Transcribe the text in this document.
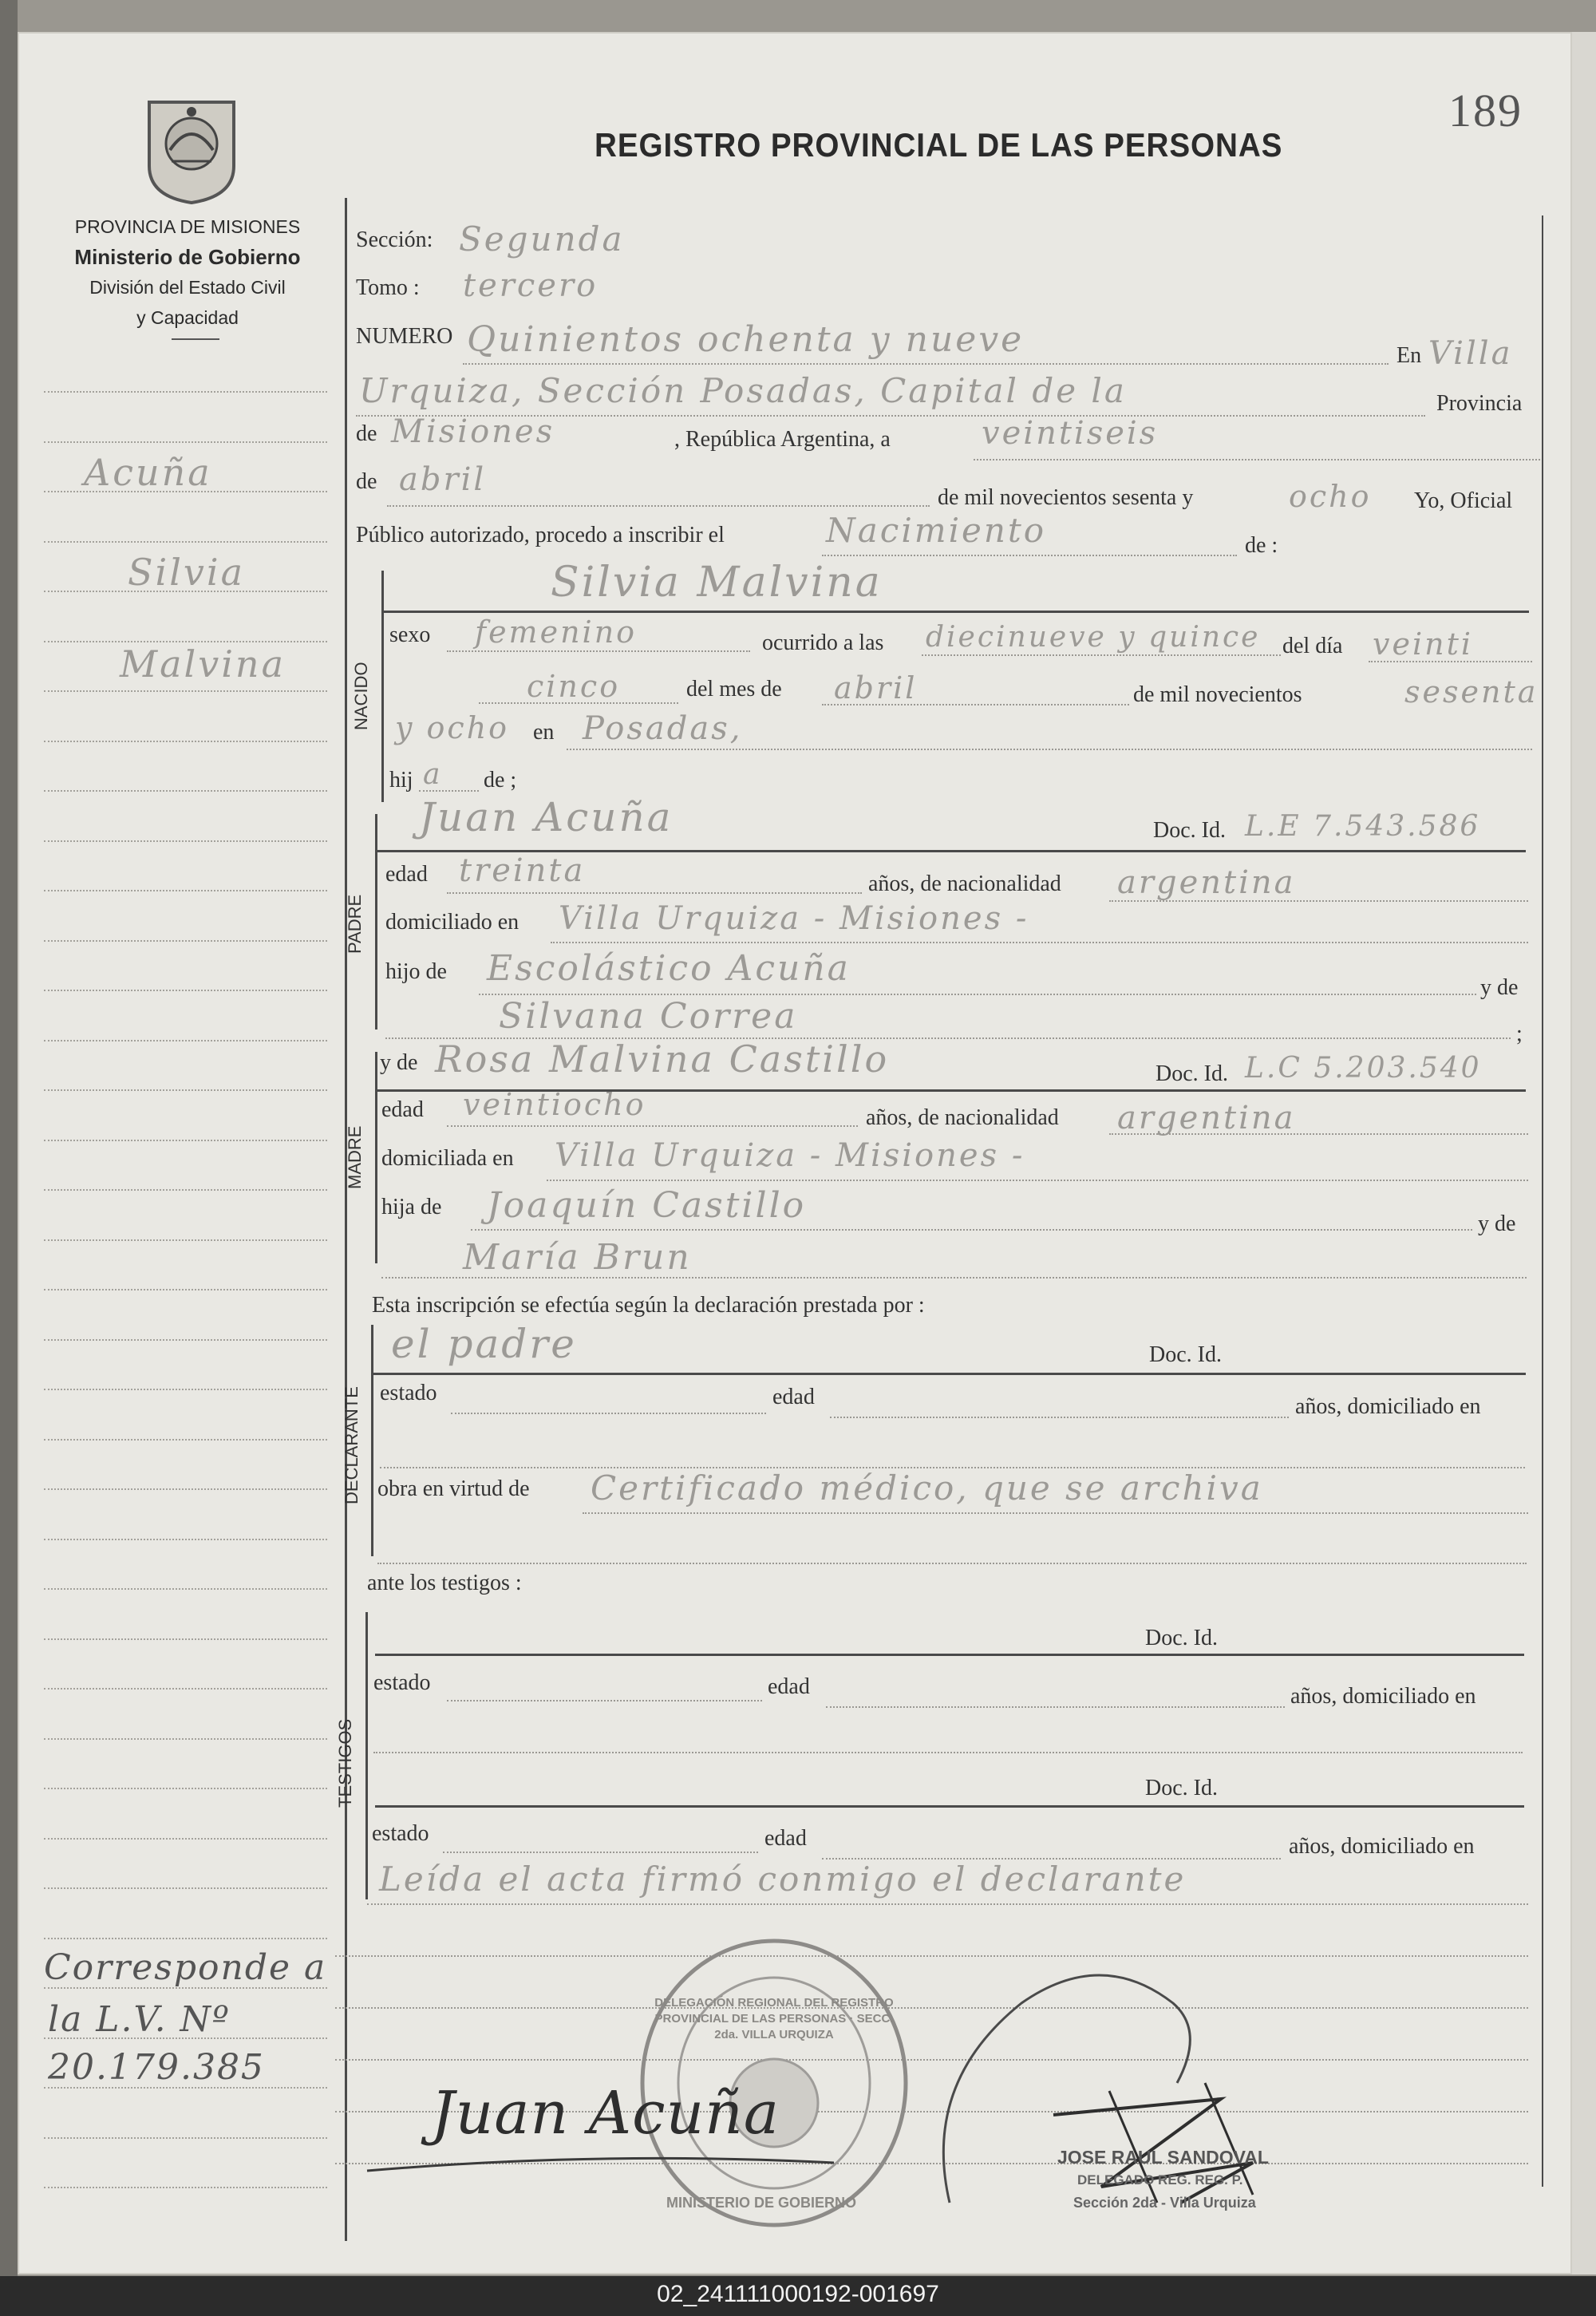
189
REGISTRO PROVINCIAL DE LAS PERSONAS
PROVINCIA DE MISIONES
Ministerio de Gobierno
División del Estado Civil
y Capacidad
Acuña
Silvia
Malvina
Corresponde a
la L.V. Nº
20.179.385
Sección: Segunda
Tomo : tercero
NUMERO Quinientos ochenta y nueve	En Villa
Urquiza, Sección Posadas, Capital de la	Provincia
de Misiones	, República Argentina, a	veintiseis
de abril	de mil novecientos sesenta y	ocho Yo, Oficial
Público autorizado, procedo a inscribir el	Nacimiento	de :
Silvia Malvina
NACIDO
sexo femenino	ocurrido a las diecinueve y quince del día veinti
cinco	del mes de abril	de mil novecientos	sesenta
y ocho en Posadas,
hij a de ;
PADRE
Juan Acuña	Doc. Id. L.E 7.543.586
edad treinta	años, de nacionalidad argentina
domiciliado en Villa Urquiza - Misiones -
hijo de Escolástico Acuña	y de
Silvana Correa	;
MADRE
y de Rosa Malvina Castillo	Doc. Id. L.C 5.203.540
edad veintiocho	años, de nacionalidad argentina
domiciliada en Villa Urquiza - Misiones -
hija de Joaquín Castillo	y de
María Brun
Esta inscripción se efectúa según la declaración prestada por :
DECLARANTE
el padre	Doc. Id.
estado	edad	años, domiciliado en
obra en virtud de Certificado médico, que se archiva
ante los testigos :
TESTIGOS
Doc. Id.
estado	edad	años, domiciliado en
Doc. Id.
estado	edad	años, domiciliado en
Leída el acta firmó conmigo el declarante
DELEGACIÓN REGIONAL DEL REGISTRO PROVINCIAL DE LAS PERSONAS · SECC. 2da. VILLA URQUIZA
MINISTERIO DE GOBIERNO
Juan Acuña
JOSE RAUL SANDOVAL
DELEGADO REG. REG. P.
Sección 2da - Villa Urquiza
02_241111000192-001697
